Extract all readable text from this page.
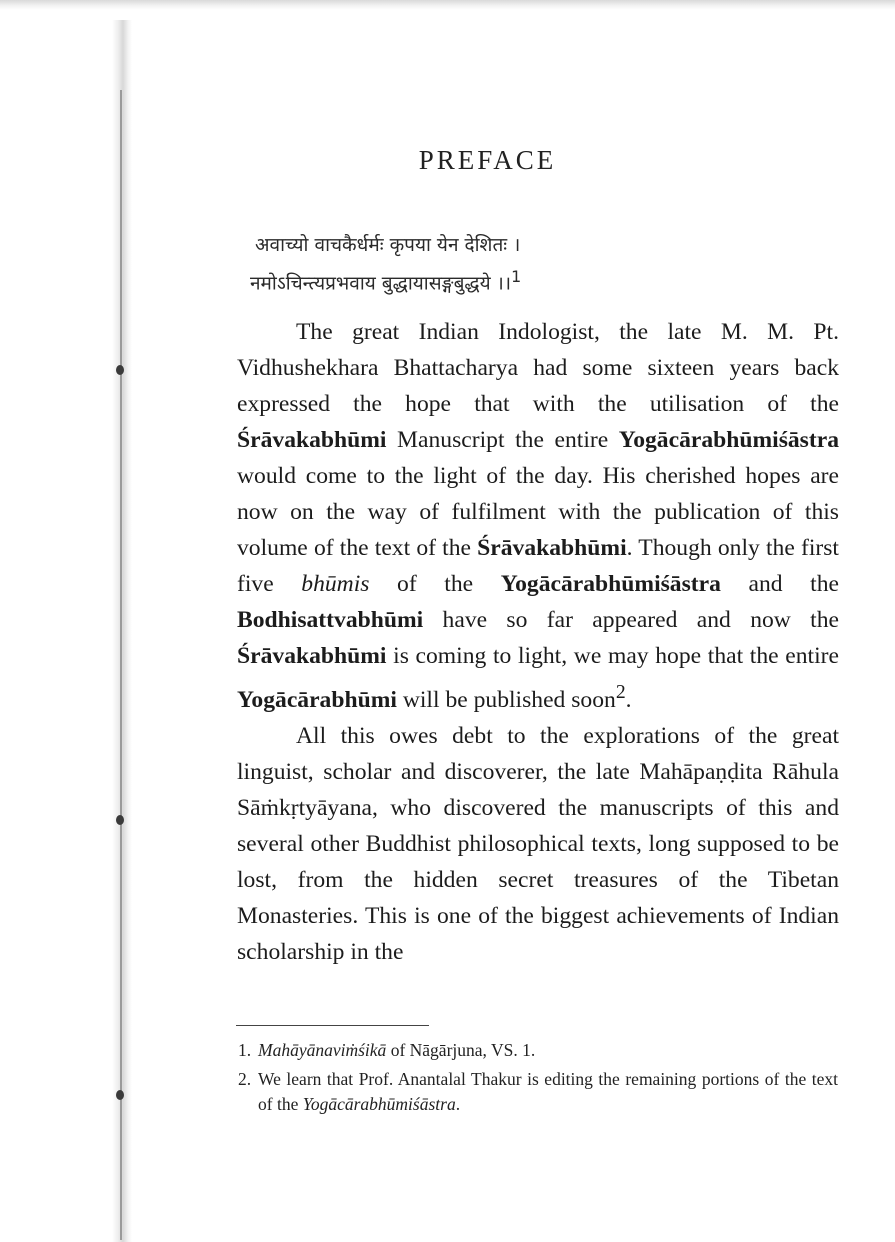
PREFACE
अवाच्यो वाचकैर्धर्मः कृपया येन देशितः ।
नमोऽचिन्त्यप्रभवाय बुद्धायासङ्गबुद्धये ।।$^1$

The great Indian Indologist, the late M. M. Pt. Vidhushekhara Bhattacharya had some sixteen years back expressed the hope that with the utilisation of the Śrāvakabhūmi Manuscript the entire Yogācārabhūmiśāstra would come to the light of the day. His cherished hopes are now on the way of fulfilment with the publication of this volume of the text of the Śrāvakabhūmi. Though only the first five bhūmis of the Yogācārabhūmiśāstra and the Bodhisattvabhūmi have so far appeared and now the Śrāvakabhūmi is coming to light, we may hope that the entire Yogācārabhūmi will be published soon$^2$.

All this owes debt to the explorations of the great linguist, scholar and discoverer, the late Mahāpaṇḍita Rāhula Sāṁkṛtyāyana, who discovered the manuscripts of this and several other Buddhist philosophical texts, long supposed to be lost, from the hidden secret treasures of the Tibetan Monasteries. This is one of the biggest achievements of Indian scholarship in the

1. Mahāyānaviṁśikā of Nāgārjuna, VS. 1.
2. We learn that Prof. Anantalal Thakur is editing the remaining portions of the text of the Yogācārabhūmiśāstra.
